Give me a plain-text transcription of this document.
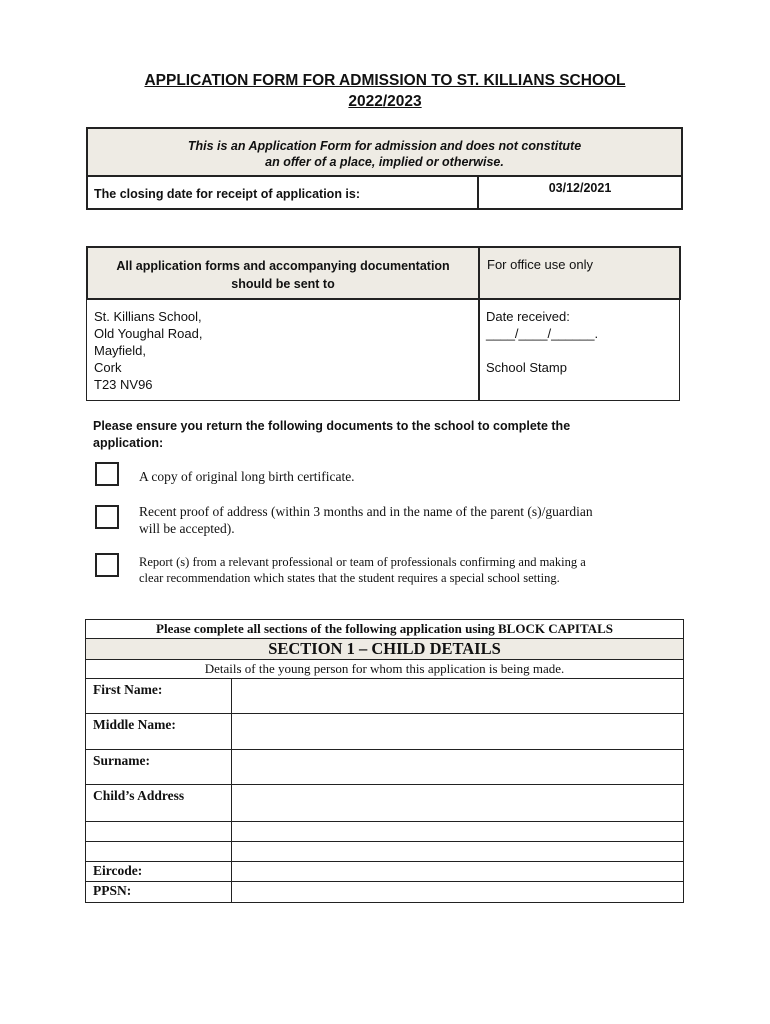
APPLICATION FORM FOR ADMISSION TO ST. KILLIANS SCHOOL
2022/2023
This is an Application Form for admission and does not constitute
an offer of a place, implied or otherwise.
The closing date for receipt of application is:	03/12/2021
All application forms and accompanying documentation
should be sent to
For office use only
St. Killians School,
Old Youghal Road,
Mayfield,
Cork
T23 NV96
Date received:
____/____/______.
School Stamp
Please ensure you return the following documents to the school to complete the
application:
A copy of original long birth certificate.
Recent proof of address (within 3 months and in the name of the parent (s)/guardian
will be accepted).
Report (s) from a relevant professional or team of professionals confirming and making a
clear recommendation which states that the student requires a special school setting.
Please complete all sections of the following application using BLOCK CAPITALS	
SECTION 1 – CHILD DETAILS	
Details of the young person for whom this application is being made.	
First Name:	
Middle Name:	
Surname:	
Child’s Address	

Eircode:	
PPSN:	
